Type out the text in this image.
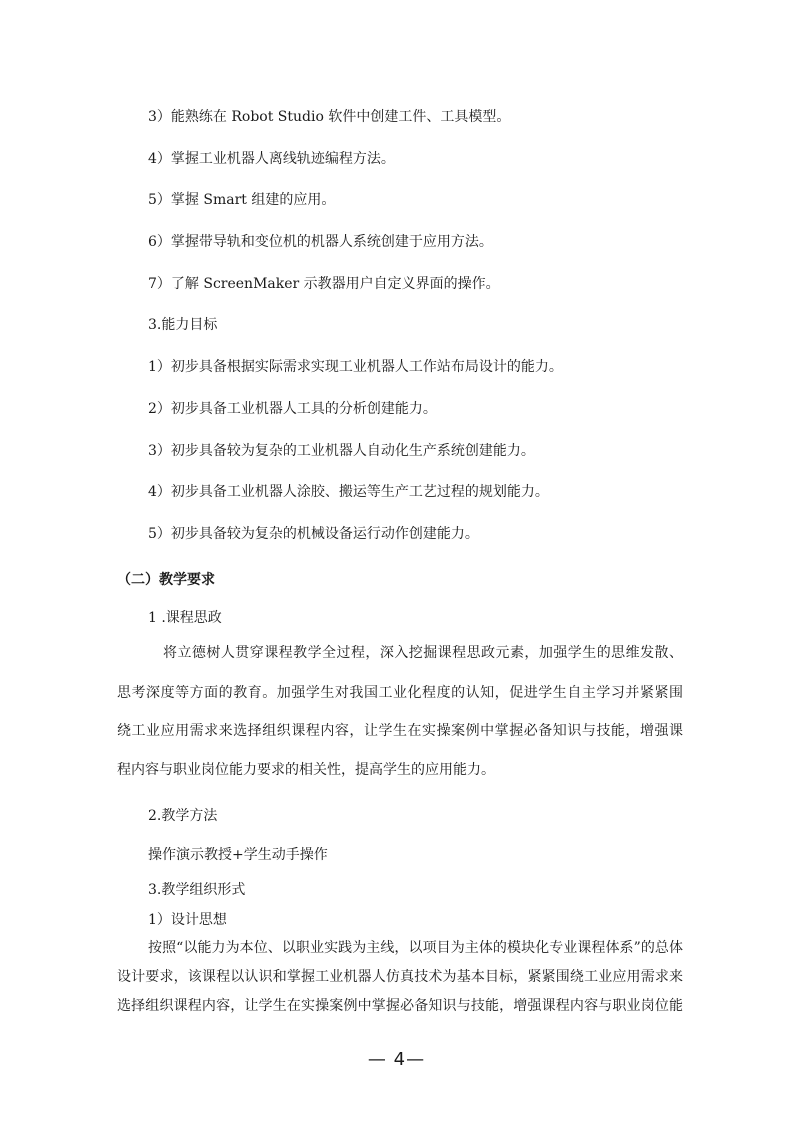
3）能熟练在 Robot Studio 软件中创建工件、工具模型。
4）掌握工业机器人离线轨迹编程方法。
5）掌握 Smart 组建的应用。
6）掌握带导轨和变位机的机器人系统创建于应用方法。
7）了解 ScreenMaker 示教器用户自定义界面的操作。
3.能力目标
1）初步具备根据实际需求实现工业机器人工作站布局设计的能力。
2）初步具备工业机器人工具的分析创建能力。
3）初步具备较为复杂的工业机器人自动化生产系统创建能力。
4）初步具备工业机器人涂胶、搬运等生产工艺过程的规划能力。
5）初步具备较为复杂的机械设备运行动作创建能力。
（二）教学要求
1 .课程思政
将立德树人贯穿课程教学全过程，深入挖掘课程思政元素，加强学生的思维发散、
思考深度等方面的教育。加强学生对我国工业化程度的认知，促进学生自主学习并紧紧围
绕工业应用需求来选择组织课程内容，让学生在实操案例中掌握必备知识与技能，增强课
程内容与职业岗位能力要求的相关性，提高学生的应用能力。
2.教学方法
操作演示教授+学生动手操作
3.教学组织形式
1）设计思想
按照“以能力为本位、以职业实践为主线，以项目为主体的模块化专业课程体系”的总体
设计要求，该课程以认识和掌握工业机器人仿真技术为基本目标，紧紧围绕工业应用需求来
选择组织课程内容，让学生在实操案例中掌握必备知识与技能，增强课程内容与职业岗位能
— 4—
